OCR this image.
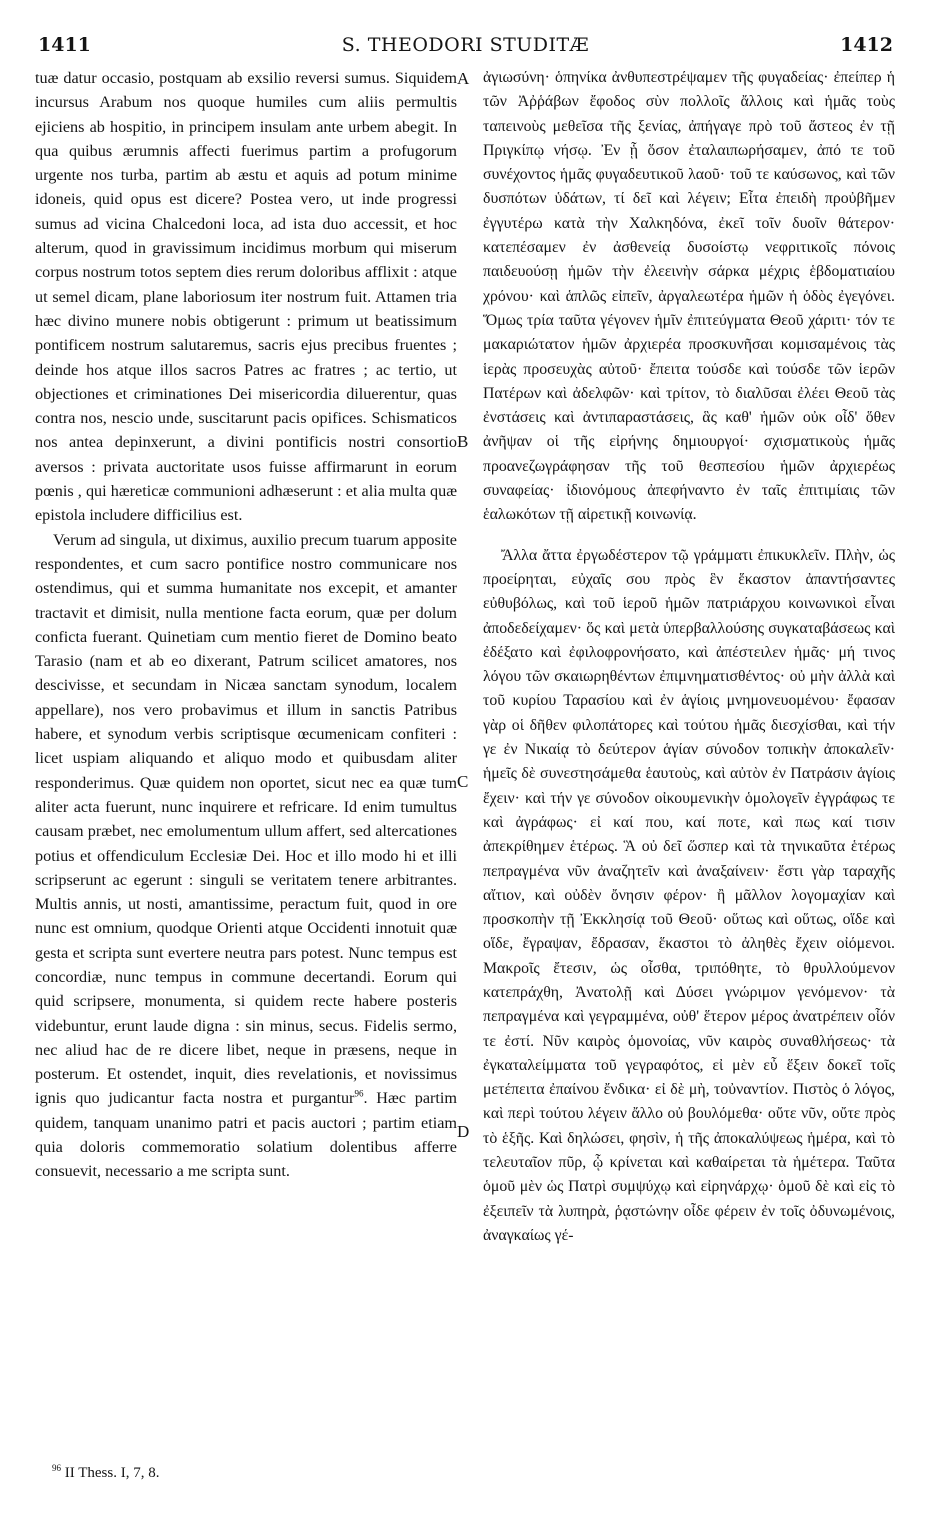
1411	S. THEODORI STUDITÆ	1412

tuæ datur occasio, postquam ab exsilio reversi sumus. Siquidem incursus Arabum nos quoque humiles cum aliis permultis ejiciens ab hospitio, in principem insulam ante urbem abegit. In qua quibus ærumnis affecti fuerimus partim a profugorum urgente nos turba, partim ab æstu et aquis ad potum minime idoneis, quid opus est dicere? Postea vero, ut inde progressi sumus ad vicina Chalcedoni loca, ad ista duo accessit, et hoc alterum, quod in gravissimum incidimus morbum qui miserum corpus nostrum totos septem dies rerum doloribus afflixit : atque ut semel dicam, plane laboriosum iter nostrum fuit. Attamen tria hæc divino munere nobis obtigerunt : primum ut beatissimum pontificem nostrum salutaremus, sacris ejus precibus fruentes ; deinde hos atque illos sacros Patres ac fratres ; ac tertio, ut objectiones et criminationes Dei misericordia diluerentur, quas contra nos, nescio unde, suscitarunt pacis opifices. Schismaticos nos antea depinxerunt, a divini pontificis nostri consortio aversos : privata auctoritate usos fuisse affirmarunt in eorum pœnis , qui hæreticæ communioni adhæserunt : et alia multa quæ epistola includere difficilius est.

Verum ad singula, ut diximus, auxilio precum tuarum apposite respondentes, et cum sacro pontifice nostro communicare nos ostendimus, qui et summa humanitate nos excepit, et amanter tractavit et dimisit, nulla mentione facta eorum, quæ per dolum conficta fuerant. Quinetiam cum mentio fieret de Domino beato Tarasio (nam et ab eo dixerant, Patrum scilicet amatores, nos descivisse, et secundam in Nicæa sanctam synodum, localem appellare), nos vero probavimus et illum in sanctis Patribus habere, et synodum verbis scriptisque œcumenicam confiteri : licet uspiam aliquando et aliquo modo et quibusdam aliter responderimus. Quæ quidem non oportet, sicut nec ea quæ tum aliter acta fuerunt, nunc inquirere et refricare. Id enim tumultus causam præbet, nec emolumentum ullum affert, sed altercationes potius et offendiculum Ecclesiæ Dei. Hoc et illo modo hi et illi scripserunt ac egerunt : singuli se veritatem tenere arbitrantes. Multis annis, ut nosti, amantissime, peractum fuit, quod in ore nunc est omnium, quodque Orienti atque Occidenti innotuit quæ gesta et scripta sunt evertere neutra pars potest. Nunc tempus est concordiæ, nunc tempus in commune decertandi. Eorum qui quid scripsere, monumenta, si quidem recte habere posteris videbuntur, erunt laude digna : sin minus, secus. Fidelis sermo, nec aliud hac de re dicere libet, neque in præsens, neque in posterum. Et ostendet, inquit, dies revelationis, et novissimus ignis quo judicantur facta nostra et purgantur$^{96}$. Hæc partim quidem, tanquam unanimo patri et pacis auctori ; partim etiam quia doloris commemoratio solatium dolentibus afferre consuevit, necessario a me scripta sunt.

A
B
C
D

ἀγιωσύνη· ὁπηνίκα ἀνθυπεστρέψαμεν τῆς φυγαδείας· ἐπείπερ ἡ τῶν Ἀῤῥάβων ἔφοδος σὺν πολλοῖς ἄλλοις καὶ ἡμᾶς τοὺς ταπεινοὺς μεθεῖσα τῆς ξενίας, ἀπήγαγε πρὸ τοῦ ἄστεος ἐν τῇ Πριγκίπῳ νήσῳ. Ἐν ᾗ ὅσον ἐταλαιπωρήσαμεν, ἀπό τε τοῦ συνέχοντος ἡμᾶς φυγαδευτικοῦ λαοῦ· τοῦ τε καύσωνος, καὶ τῶν δυσπότων ὑδάτων, τί δεῖ καὶ λέγειν; Εἶτα ἐπειδὴ προὐβῆμεν ἐγγυτέρω κατὰ τὴν Χαλκηδόνα, ἐκεῖ τοῖν δυοῖν θάτερον· κατεπέσαμεν ἐν ἀσθενείᾳ δυσοίστῳ νεφριτικοῖς πόνοις παιδευούσῃ ἡμῶν τὴν ἐλεεινὴν σάρκα μέχρις ἑβδοματιαίου χρόνου· καὶ ἁπλῶς εἰπεῖν, ἀργαλεωτέρα ἡμῶν ἡ ὁδὸς ἐγεγόνει. Ὅμως τρία ταῦτα γέγονεν ἡμῖν ἐπιτεύγματα Θεοῦ χάριτι· τόν τε μακαριώτατον ἡμῶν ἀρχιερέα προσκυνῆσαι κομισαμένοις τὰς ἱερὰς προσευχὰς αὐτοῦ· ἔπειτα τούσδε καὶ τούσδε τῶν ἱερῶν Πατέρων καὶ ἀδελφῶν· καὶ τρίτον, τὸ διαλῦσαι ἐλέει Θεοῦ τὰς ἐνστάσεις καὶ ἀντιπαραστάσεις, ἃς καθ' ἡμῶν οὐκ οἶδ' ὅθεν ἀνῆψαν οἱ τῆς εἰρήνης δημιουργοί· σχισματικοὺς ἡμᾶς προανεζωγράφησαν τῆς τοῦ θεσπεσίου ἡμῶν ἀρχιερέως συναφείας· ἰδιονόμους ἀπεφήναντο ἐν ταῖς ἐπιτιμίαις τῶν ἑαλωκότων τῇ αἱρετικῇ κοινωνίᾳ.

Ἄλλα ἄττα ἐργωδέστερον τῷ γράμματι ἐπικυκλεῖν. Πλὴν, ὡς προείρηται, εὐχαῖς σου πρὸς ἓν ἕκαστον ἀπαντήσαντες εὐθυβόλως, καὶ τοῦ ἱεροῦ ἡμῶν πατριάρχου κοινωνικοὶ εἶναι ἀποδεδείχαμεν· ὅς καὶ μετὰ ὑπερβαλλούσης συγκαταβάσεως καὶ ἐδέξατο καὶ ἐφιλοφρονήσατο, καὶ ἀπέστειλεν ἡμᾶς· μή τινος λόγου τῶν σκαιωρηθέντων ἐπιμνηματισθέντος· οὐ μὴν ἀλλὰ καὶ τοῦ κυρίου Ταρασίου καὶ ἐν ἁγίοις μνημονευομένου· ἔφασαν γὰρ οἱ δῆθεν φιλοπάτορες καὶ τούτου ἡμᾶς διεσχίσθαι, καὶ τήν γε ἐν Νικαίᾳ τὸ δεύτερον ἁγίαν σύνοδον τοπικὴν ἀποκαλεῖν· ἡμεῖς δὲ συνεστησάμεθα ἑαυτοὺς, καὶ αὐτὸν ἐν Πατράσιν ἁγίοις ἔχειν· καὶ τήν γε σύνοδον οἰκουμενικὴν ὁμολογεῖν ἐγγράφως τε καὶ ἀγράφως· εἰ καί που, καί ποτε, καὶ πως καί τισιν ἀπεκρίθημεν ἑτέρως. Ἃ οὐ δεῖ ὥσπερ καὶ τὰ τηνικαῦτα ἑτέρως πεπραγμένα νῦν ἀναζητεῖν καὶ ἀναξαίνειν· ἔστι γὰρ ταραχῆς αἴτιον, καὶ οὐδὲν ὄνησιν φέρον· ἢ μᾶλλον λογομαχίαν καὶ προσκοπὴν τῇ Ἐκκλησίᾳ τοῦ Θεοῦ· οὕτως καὶ οὕτως, οἵδε καὶ οἵδε, ἔγραψαν, ἔδρασαν, ἕκαστοι τὸ ἀληθὲς ἔχειν οἰόμενοι. Μακροῖς ἔτεσιν, ὡς οἶσθα, τριπόθητε, τὸ θρυλλούμενον κατεπράχθη, Ἀνατολῇ καὶ Δύσει γνώριμον γενόμενον· τὰ πεπραγμένα καὶ γεγραμμένα, οὐθ' ἕτερον μέρος ἀνατρέπειν οἷόν τε ἐστί. Νῦν καιρὸς ὁμονοίας, νῦν καιρὸς συναθλήσεως· τὰ ἐγκαταλείμματα τοῦ γεγραφότος, εἰ μὲν εὖ ἕξειν δοκεῖ τοῖς μετέπειτα ἐπαίνου ἔνδικα· εἰ δὲ μὴ, τοὐναντίον. Πιστὸς ὁ λόγος, καὶ περὶ τούτου λέγειν ἄλλο οὐ βουλόμεθα· οὔτε νῦν, οὔτε πρὸς τὸ ἑξῆς. Καὶ δηλώσει, φησὶν, ἡ τῆς ἀποκαλύψεως ἡμέρα, καὶ τὸ τελευταῖον πῦρ, ᾧ κρίνεται καὶ καθαίρεται τὰ ἡμέτερα. Ταῦτα ὁμοῦ μὲν ὡς Πατρὶ συμψύχῳ καὶ εἰρηνάρχῳ· ὁμοῦ δὲ καὶ εἰς τὸ ἐξειπεῖν τὰ λυπηρὰ, ῥᾳστώνην οἶδε φέρειν ἐν τοῖς ὀδυνωμένοις, ἀναγκαίως γέ-

$^{96}$ II Thess. I, 7, 8.
